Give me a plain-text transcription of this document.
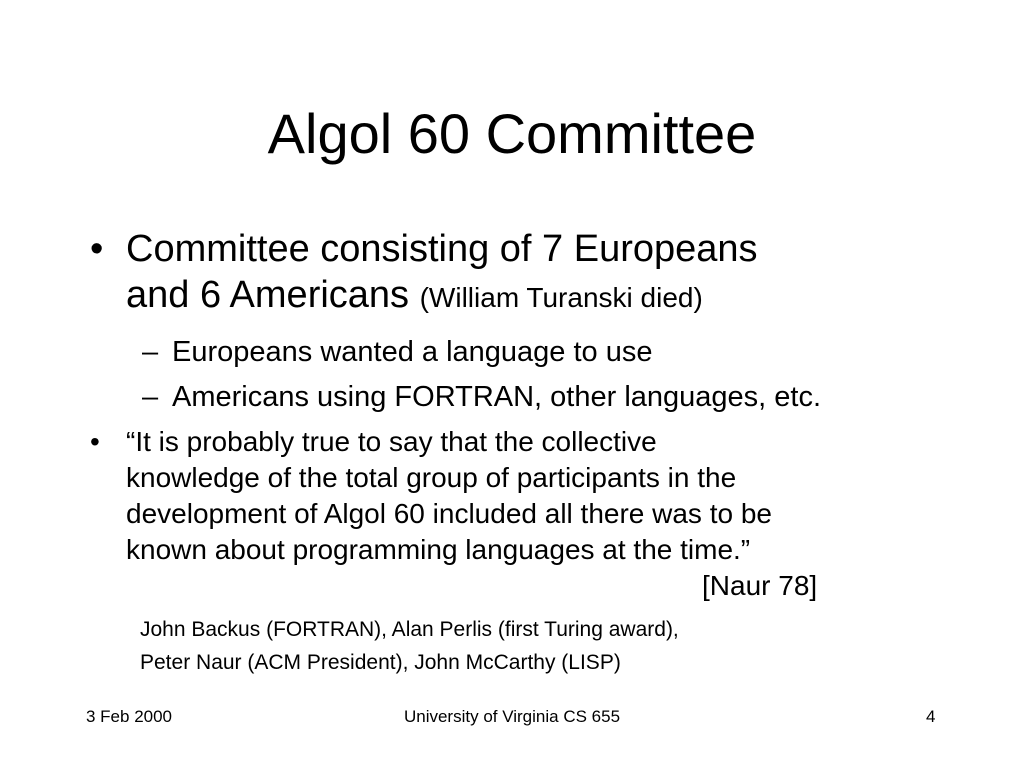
Algol 60 Committee
• Committee consisting of 7 Europeans
and 6 Americans (William Turanski died)
– Europeans wanted a language to use
– Americans using FORTRAN, other languages, etc.
• “It is probably true to say that the collective
knowledge of the total group of participants in the
development of Algol 60 included all there was to be
known about programming languages at the time.”
[Naur 78]
John Backus (FORTRAN), Alan Perlis (first Turing award),
Peter Naur (ACM President), John McCarthy (LISP)
3 Feb 2000	University of Virginia CS 655	4
